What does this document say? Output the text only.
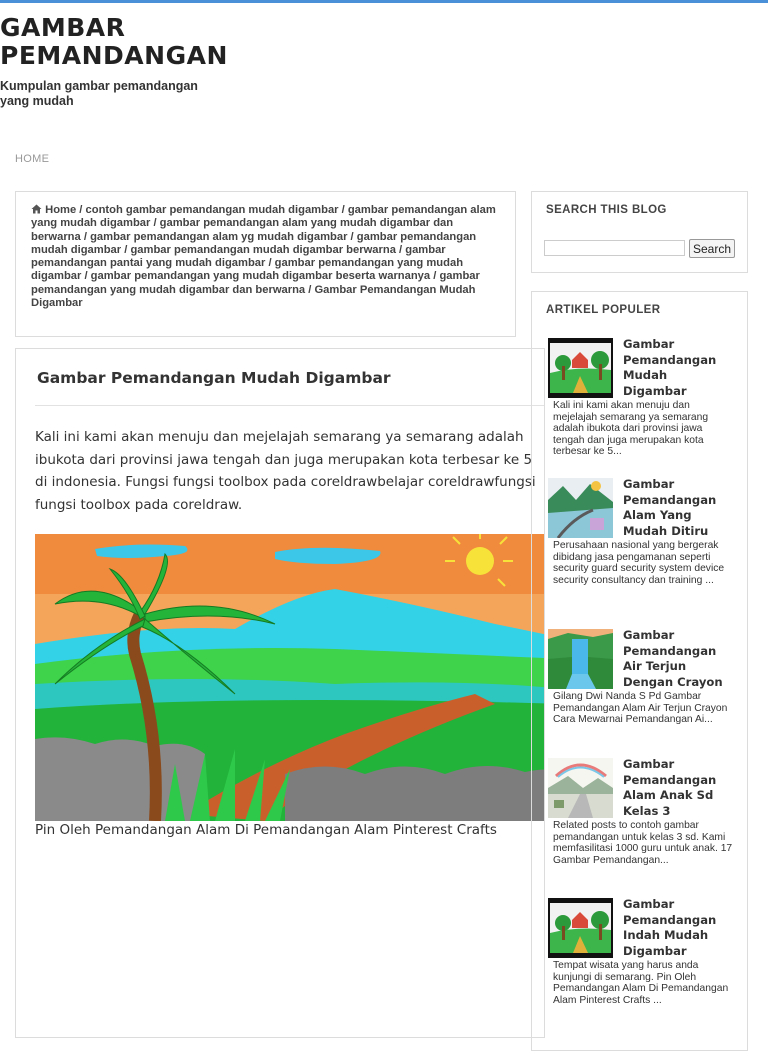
GAMBAR PEMANDANGAN
Kumpulan gambar pemandangan yang mudah
HOME
Home / contoh gambar pemandangan mudah digambar / gambar pemandangan alam yang mudah digambar / gambar pemandangan alam yang mudah digambar dan berwarna / gambar pemandangan alam yg mudah digambar / gambar pemandangan mudah digambar / gambar pemandangan mudah digambar berwarna / gambar pemandangan pantai yang mudah digambar / gambar pemandangan yang mudah digambar / gambar pemandangan yang mudah digambar beserta warnanya / gambar pemandangan yang mudah digambar dan berwarna / Gambar Pemandangan Mudah Digambar
Gambar Pemandangan Mudah Digambar
Kali ini kami akan menuju dan mejelajah semarang ya semarang adalah
ibukota dari provinsi jawa tengah dan juga merupakan kota terbesar ke 5
di indonesia. Fungsi fungsi toolbox pada coreldrawbelajar coreldrawfungsi
fungsi toolbox pada coreldraw.
Pin Oleh Pemandangan Alam Di Pemandangan Alam Pinterest Crafts
SEARCH THIS BLOG
Search
ARTIKEL POPULER
Gambar Pemandangan Mudah Digambar
Kali ini kami akan menuju dan mejelajah semarang ya semarang adalah ibukota dari provinsi jawa tengah dan juga merupakan kota terbesar ke 5...
Gambar Pemandangan Alam Yang Mudah Ditiru
Perusahaan nasional yang bergerak dibidang jasa pengamanan seperti security guard security system device security consultancy dan training ...
Gambar Pemandangan Air Terjun Dengan Crayon
Gilang Dwi Nanda S Pd Gambar Pemandangan Alam Air Terjun Crayon Cara Mewarnai Pemandangan Ai...
Gambar Pemandangan Alam Anak Sd Kelas 3
Related posts to contoh gambar pemandangan untuk kelas 3 sd. Kami memfasilitasi 1000 guru untuk anak. 17 Gambar Pemandangan...
Gambar Pemandangan Indah Mudah Digambar
Tempat wisata yang harus anda kunjungi di semarang. Pin Oleh Pemandangan Alam Di Pemandangan Alam Pinterest Crafts ...
